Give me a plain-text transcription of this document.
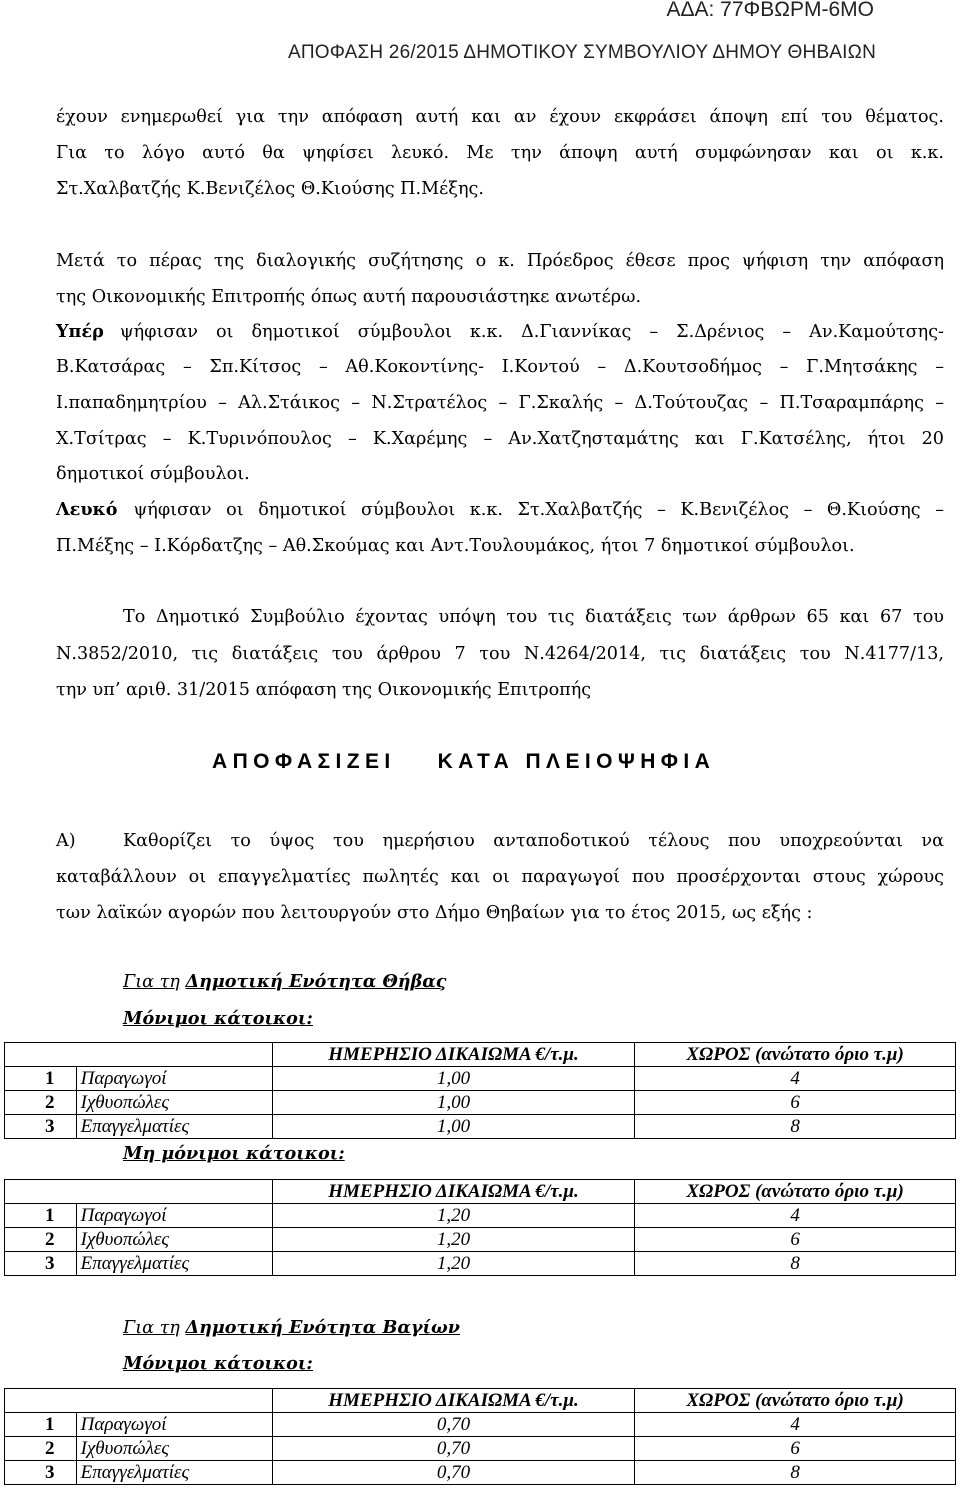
ΑΔΑ: 77ΦΒΩΡΜ-6ΜΟ
ΑΠΟΦΑΣΗ 26/2015 ΔΗΜΟΤΙΚΟΥ ΣΥΜΒΟΥΛΙΟΥ ΔΗΜΟΥ ΘΗΒΑΙΩΝ
έχουν ενημερωθεί για την απόφαση αυτή και αν έχουν εκφράσει άποψη επί του θέματος.
Για το λόγο αυτό θα ψηφίσει λευκό. Με την άποψη αυτή συμφώνησαν και οι κ.κ.
Στ.Χαλβατζής Κ.Βενιζέλος Θ.Κιούσης Π.Μέξης.
Μετά το πέρας της διαλογικής συζήτησης ο κ. Πρόεδρος έθεσε προς ψήφιση την απόφαση
της Οικονομικής Επιτροπής όπως αυτή παρουσιάστηκε ανωτέρω.
Υπέρ ψήφισαν οι δημοτικοί σύμβουλοι κ.κ. Δ.Γιαννίκας – Σ.Δρένιος – Αν.Καμούτσης-
Β.Κατσάρας – Σπ.Κίτσος – Αθ.Κοκοντίνης- Ι.Κοντού – Δ.Κουτσοδήμος – Γ.Μητσάκης –
Ι.παπαδημητρίου – Αλ.Στάικος – Ν.Στρατέλος – Γ.Σκαλής – Δ.Τούτουζας – Π.Τσαραμπάρης –
Χ.Τσίτρας – Κ.Τυρινόπουλος – Κ.Χαρέμης – Αν.Χατζησταμάτης και Γ.Κατσέλης, ήτοι 20
δημοτικοί σύμβουλοι.
Λευκό ψήφισαν οι δημοτικοί σύμβουλοι κ.κ. Στ.Χαλβατζής – Κ.Βενιζέλος – Θ.Κιούσης –
Π.Μέξης – Ι.Κόρδατζης – Αθ.Σκούμας και Αντ.Τουλουμάκος, ήτοι 7 δημοτικοί σύμβουλοι.
Το Δημοτικό Συμβούλιο έχοντας υπόψη του τις διατάξεις των άρθρων 65 και 67 του
Ν.3852/2010, τις διατάξεις του άρθρου 7 του Ν.4264/2014, τις διατάξεις του Ν.4177/13,
την υπ’ αριθ. 31/2015 απόφαση της Οικονομικής Επιτροπής
ΑΠΟΦΑΣΙΖΕΙ ΚΑΤΑ ΠΛΕΙΟΨΗΦΙΑ
Α)	Καθορίζει το ύψος του ημερήσιου ανταποδοτικού τέλους που υποχρεούνται να
καταβάλλουν οι επαγγελματίες πωλητές και οι παραγωγοί που προσέρχονται στους χώρους
των λαϊκών αγορών που λειτουργούν στο Δήμο Θηβαίων για το έτος 2015, ως εξής :
Για τη Δημοτική Ενότητα Θήβας
Μόνιμοι κάτοικοι:
		ΗΜΕΡΗΣΙΟ ΔΙΚΑΙΩΜΑ €/τ.μ.	ΧΩΡΟΣ (ανώτατο όριο τ.μ)
1	Παραγωγοί	1,00	4
2	Ιχθυοπώλες	1,00	6
3	Επαγγελματίες	1,00	8
Μη μόνιμοι κάτοικοι:
		ΗΜΕΡΗΣΙΟ ΔΙΚΑΙΩΜΑ €/τ.μ.	ΧΩΡΟΣ (ανώτατο όριο τ.μ)
1	Παραγωγοί	1,20	4
2	Ιχθυοπώλες	1,20	6
3	Επαγγελματίες	1,20	8
Για τη Δημοτική Ενότητα Βαγίων
Μόνιμοι κάτοικοι:
		ΗΜΕΡΗΣΙΟ ΔΙΚΑΙΩΜΑ €/τ.μ.	ΧΩΡΟΣ (ανώτατο όριο τ.μ)
1	Παραγωγοί	0,70	4
2	Ιχθυοπώλες	0,70	6
3	Επαγγελματίες	0,70	8
